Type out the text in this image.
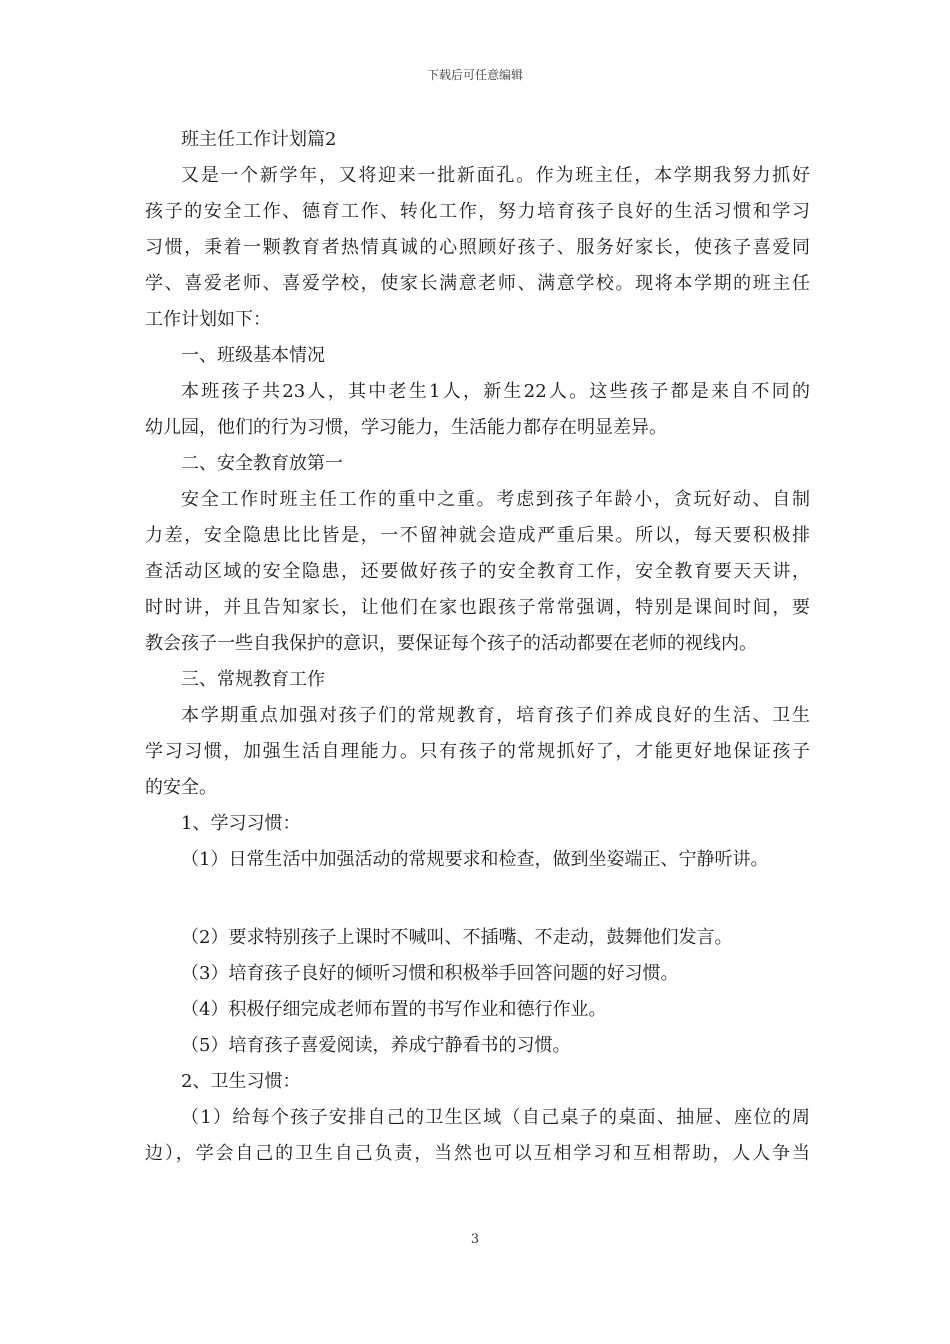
下载后可任意编辑
班主任工作计划篇2
又是一个新学年，又将迎来一批新面孔。作为班主任，本学期我努力抓好
孩子的安全工作、德育工作、转化工作，努力培育孩子良好的生活习惯和学习
习惯，秉着一颗教育者热情真诚的心照顾好孩子、服务好家长，使孩子喜爱同
学、喜爱老师、喜爱学校，使家长满意老师、满意学校。现将本学期的班主任
工作计划如下：
一、班级基本情况
本班孩子共23人，其中老生1人，新生22人。这些孩子都是来自不同的
幼儿园，他们的行为习惯，学习能力，生活能力都存在明显差异。
二、安全教育放第一
安全工作时班主任工作的重中之重。考虑到孩子年龄小，贪玩好动、自制
力差，安全隐患比比皆是，一不留神就会造成严重后果。所以，每天要积极排
查活动区域的安全隐患，还要做好孩子的安全教育工作，安全教育要天天讲，
时时讲，并且告知家长，让他们在家也跟孩子常常强调，特别是课间时间，要
教会孩子一些自我保护的意识，要保证每个孩子的活动都要在老师的视线内。
三、常规教育工作
本学期重点加强对孩子们的常规教育，培育孩子们养成良好的生活、卫生
学习习惯，加强生活自理能力。只有孩子的常规抓好了，才能更好地保证孩子
的安全。
1、学习习惯：
（1）日常生活中加强活动的常规要求和检查，做到坐姿端正、宁静听讲。
（2）要求特别孩子上课时不喊叫、不插嘴、不走动，鼓舞他们发言。
（3）培育孩子良好的倾听习惯和积极举手回答问题的好习惯。
（4）积极仔细完成老师布置的书写作业和德行作业。
（5）培育孩子喜爱阅读，养成宁静看书的习惯。
2、卫生习惯：
（1）给每个孩子安排自己的卫生区域（自己桌子的桌面、抽屉、座位的周
边），学会自己的卫生自己负责，当然也可以互相学习和互相帮助，人人争当
3
